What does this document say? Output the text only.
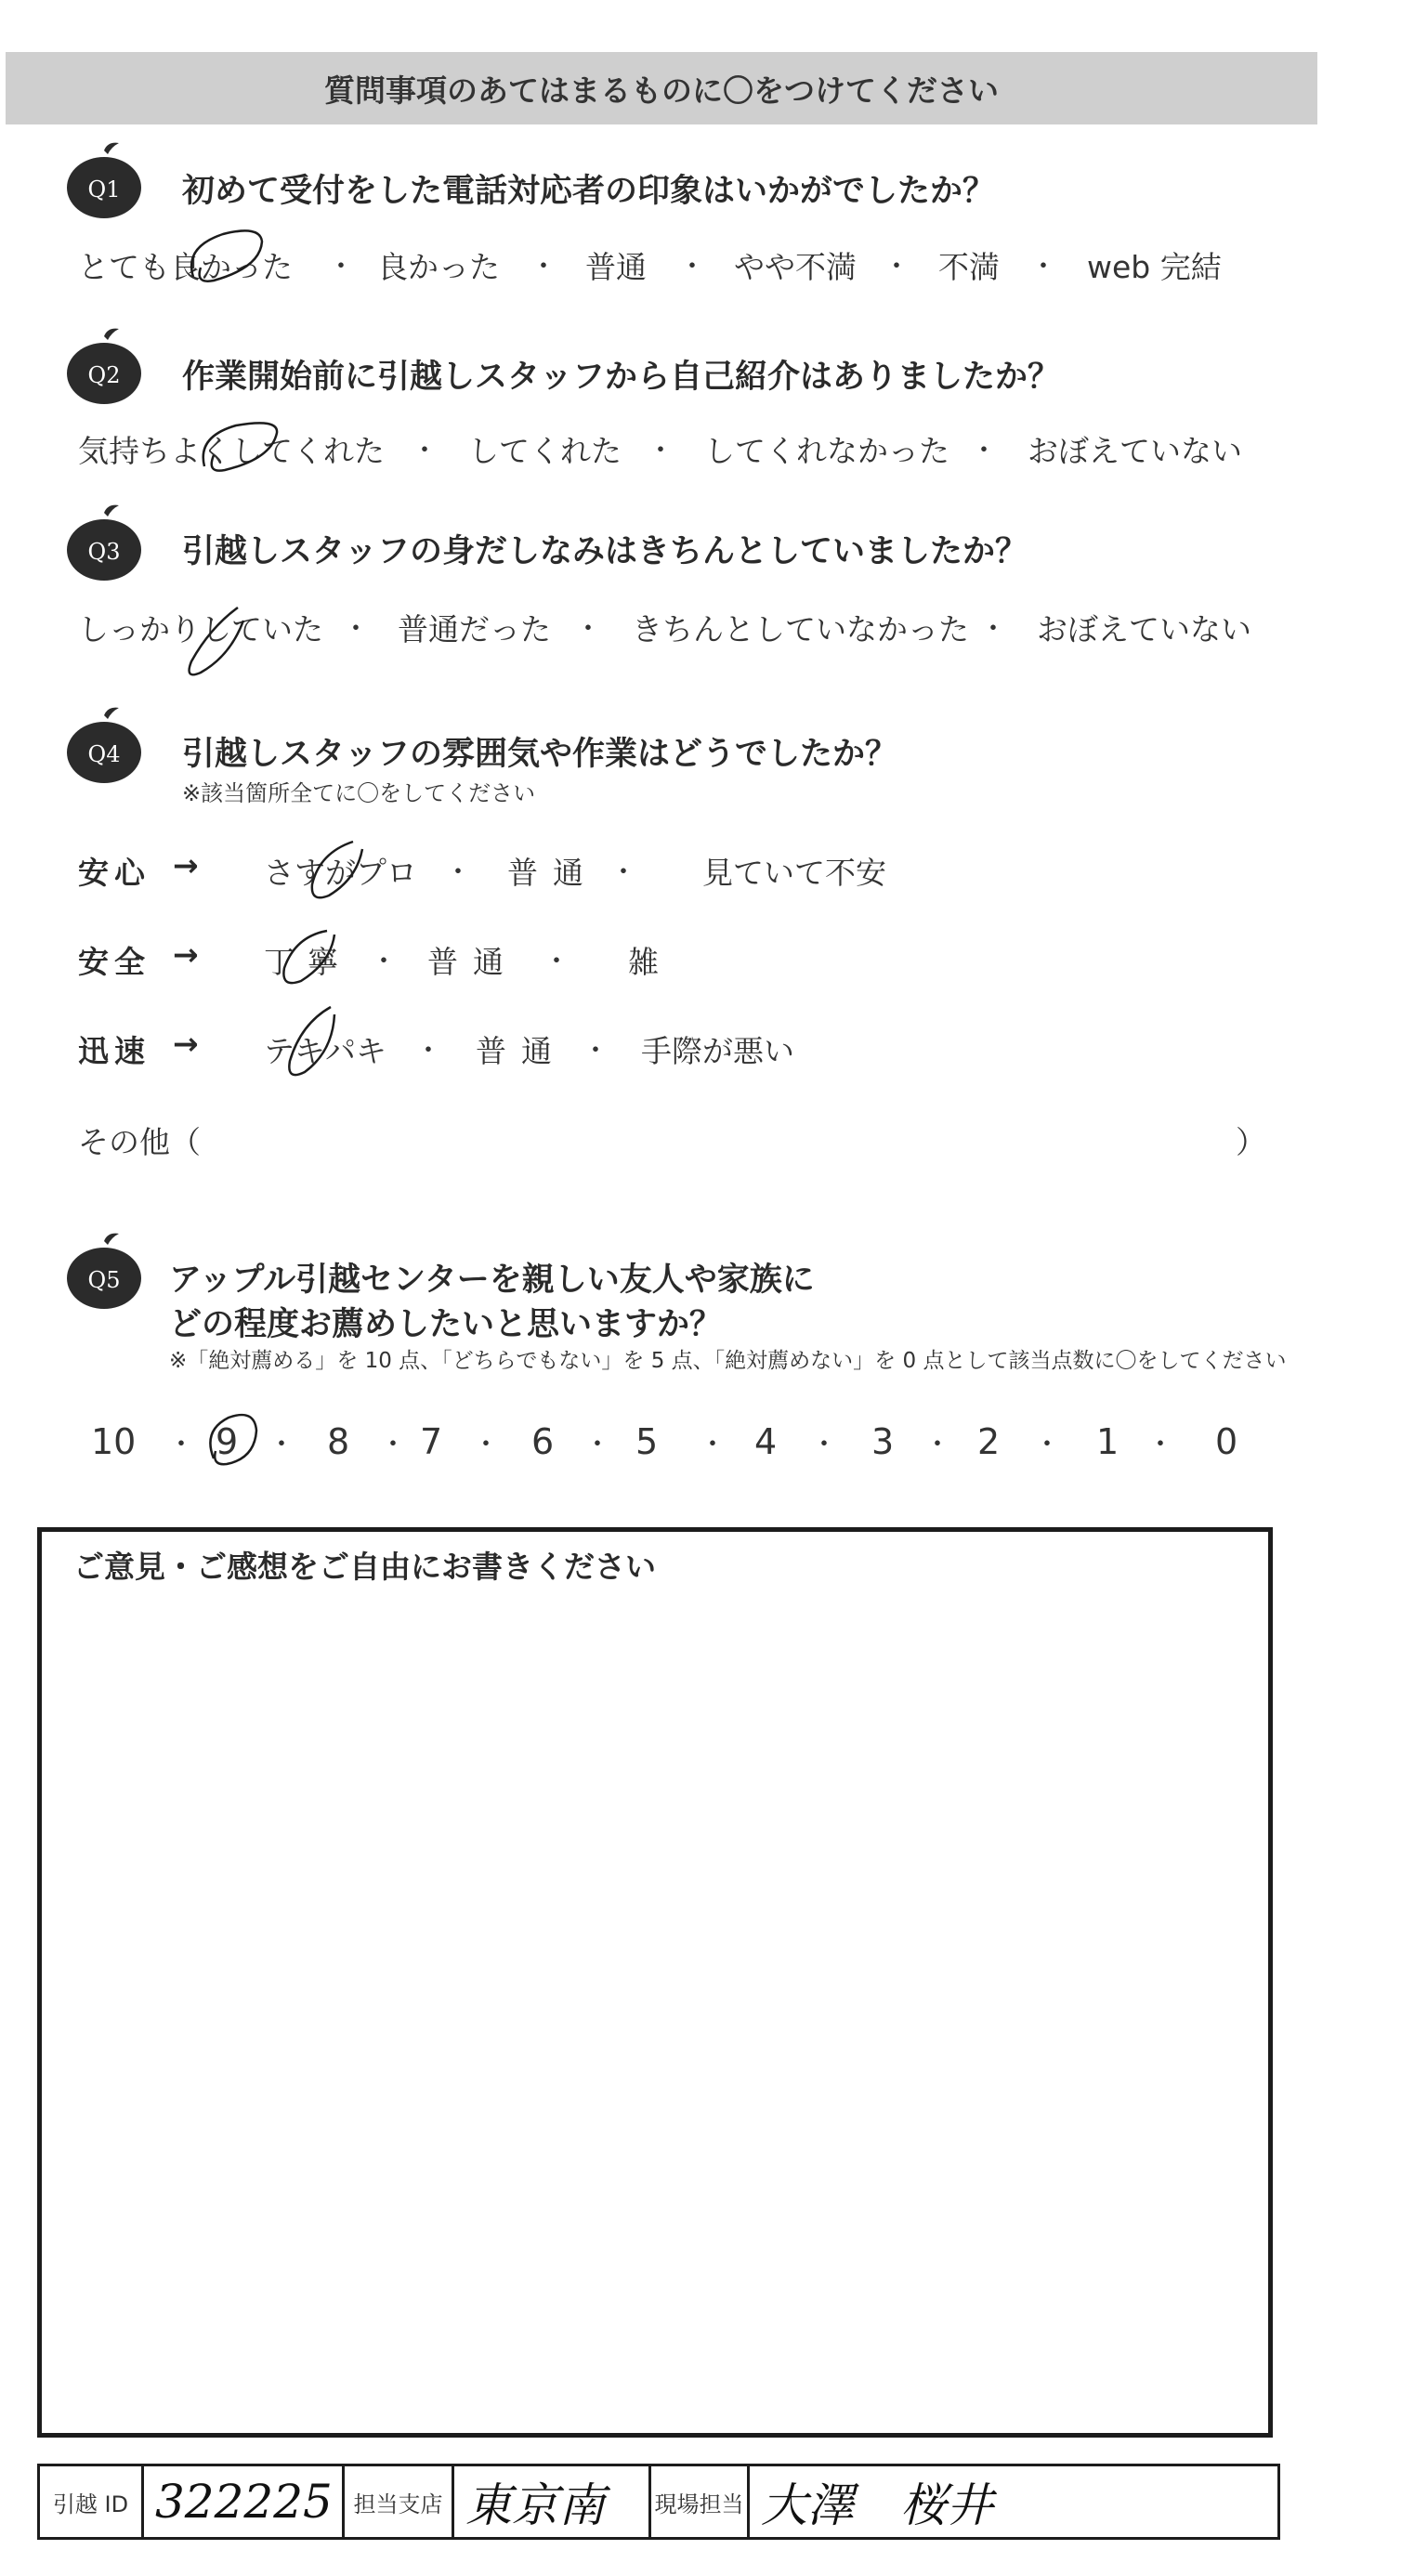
質問事項のあてはまるものに〇をつけてください
Q1 初めて受付をした電話対応者の印象はいかがでしたか？
とても良かった ・ 良かった ・ 普通 ・ やや不満 ・ 不満 ・ web 完結
Q2 作業開始前に引越しスタッフから自己紹介はありましたか？
気持ちよくしてくれた ・ してくれた ・ してくれなかった ・ おぼえていない
Q3 引越しスタッフの身だしなみはきちんとしていましたか？
しっかりしていた ・ 普通だった ・ きちんとしていなかった ・ おぼえていない
Q4 引越しスタッフの雰囲気や作業はどうでしたか？
※該当箇所全てに〇をしてください
安心 → さすがプロ ・ 普通 ・ 見ていて不安
安全 → 丁寧 ・ 普通 ・ 雑
迅速 → テキパキ ・ 普通 ・ 手際が悪い
その他（	）
Q5 アップル引越センターを親しい友人や家族に
どの程度お薦めしたいと思いますか？
※「絶対薦める」を 10 点、「どちらでもない」を 5 点、「絶対薦めない」を 0 点として該当点数に〇をしてください
10 ・ 9 ・ 8 ・ 7 ・ 6 ・ 5 ・ 4 ・ 3 ・ 2 ・ 1 ・ 0
ご意見・ご感想をご自由にお書きください
引越 ID 322225 担当支店 東京南	現場担当 大澤　桜井
